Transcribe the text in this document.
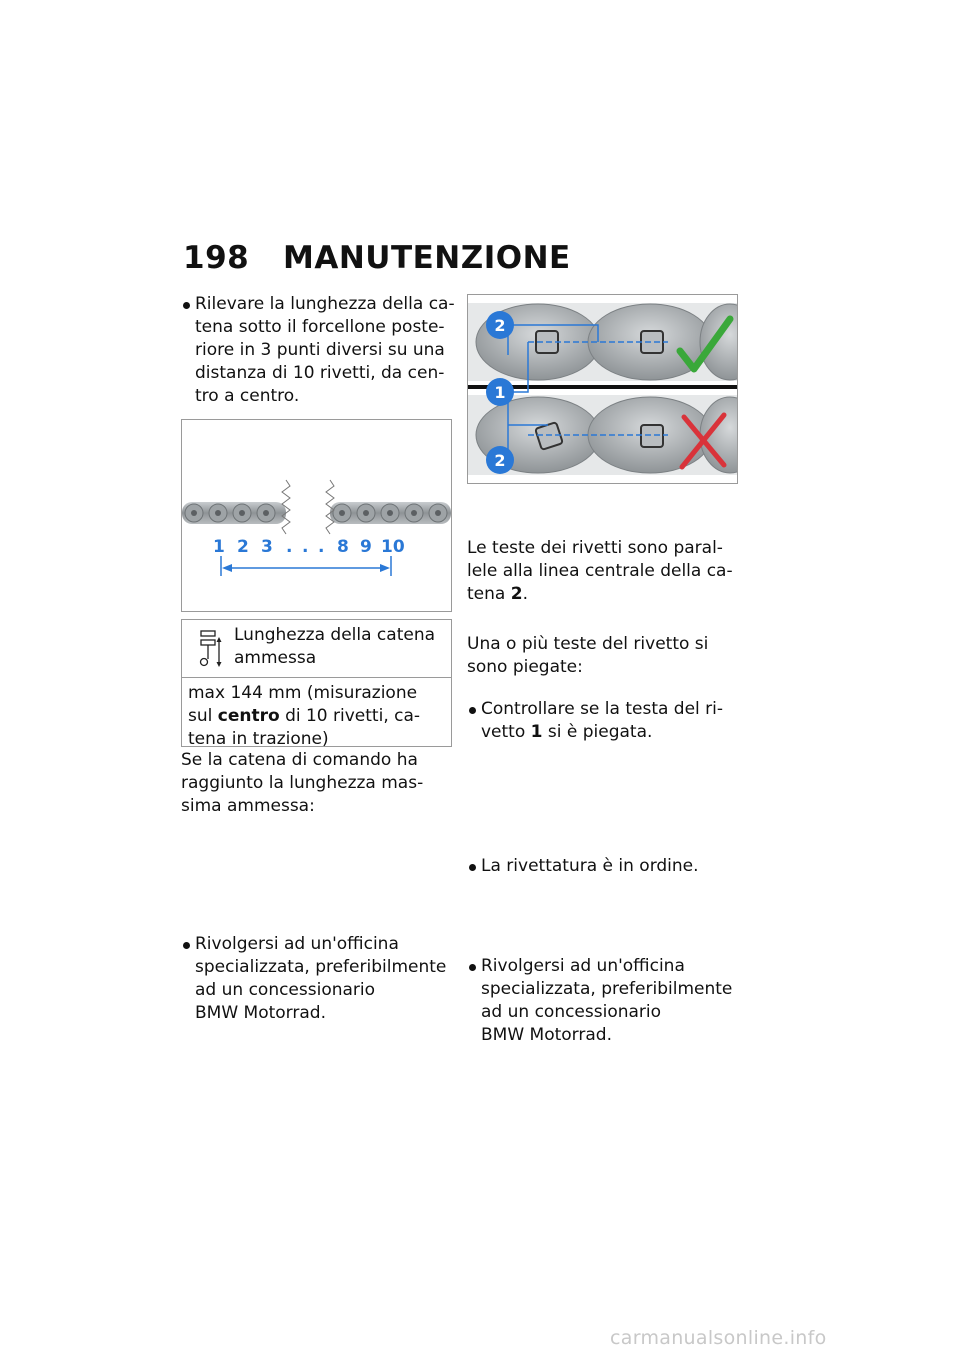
198	MANUTENZIONE
Rilevare la lunghezza della ca-
tena sotto il forcellone poste-
riore in 3 punti diversi su una
distanza di 10 rivetti, da cen-
tro a centro.
1 2 3 . . . 8 9 10
Lunghezza della catena
ammessa
max 144 mm (misurazione
sul centro di 10 rivetti, ca-
tena in trazione)
Se la catena di comando ha
raggiunto la lunghezza mas-
sima ammessa:
Rivolgersi ad un'officina
specializzata, preferibilmente
ad un concessionario
BMW Motorrad.
2
1
2
Controllare se la testa del ri-
vetto 1 si è piegata.
Le teste dei rivetti sono paral-
lele alla linea centrale della ca-
tena 2.
La rivettatura è in ordine.
Una o più teste del rivetto si
sono piegate:
Rivolgersi ad un'officina
specializzata, preferibilmente
ad un concessionario
BMW Motorrad.
carmanualsonline.info
